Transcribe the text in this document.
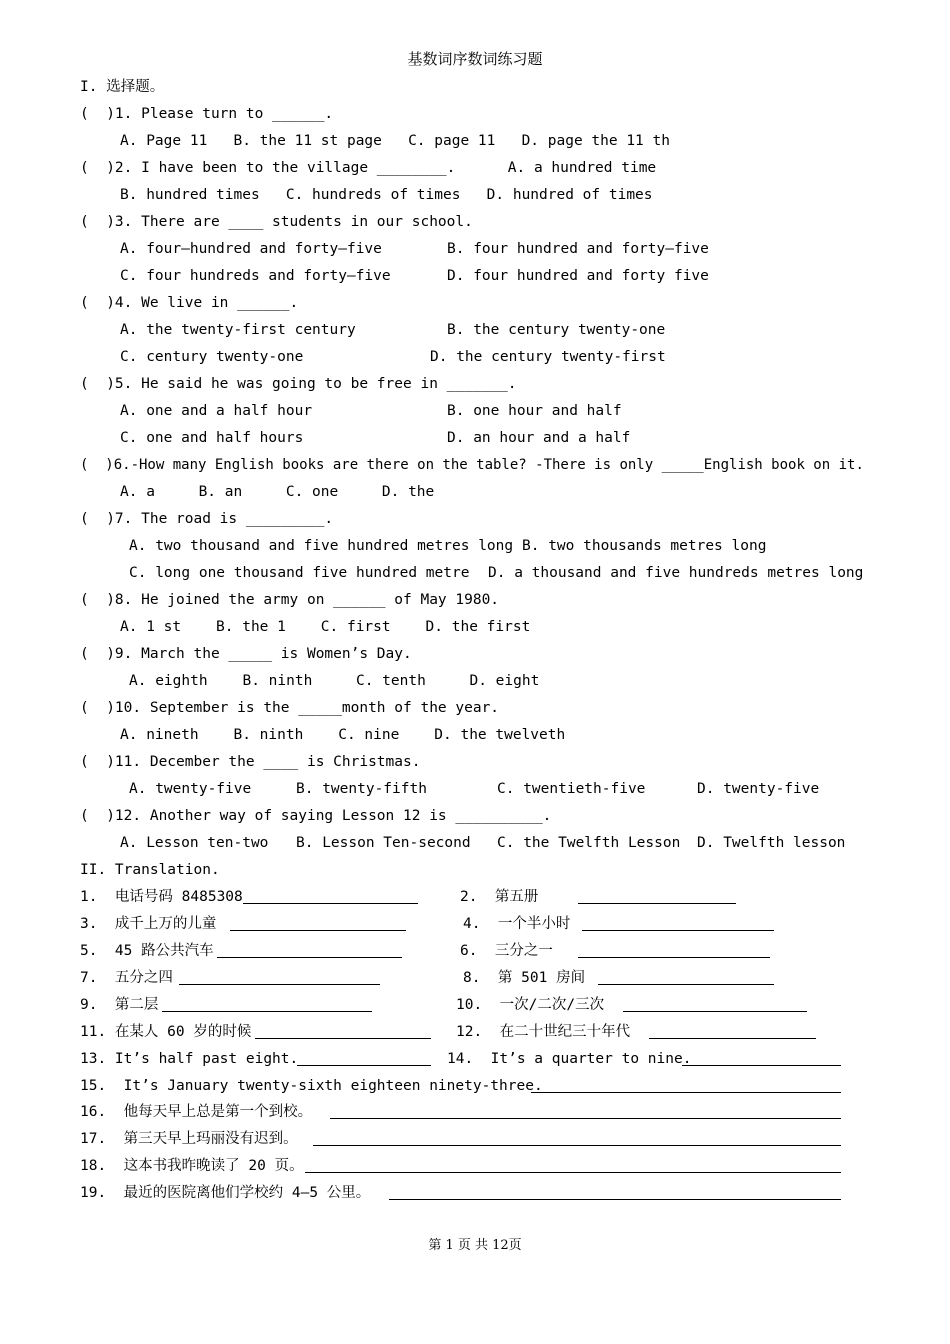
基数词序数词练习题
I. 选择题。
(  )1. Please turn to ______.
A. Page 11   B. the 11 st page   C. page 11   D. page the 11 th
(  )2. I have been to the village ________.      A. a hundred time
B. hundred times   C. hundreds of times   D. hundred of times
(  )3. There are ____ students in our school.
A. four—hundred and forty—five	B. four hundred and forty—five
C. four hundreds and forty—five	D. four hundred and forty five
(  )4. We live in ______.
A. the twenty-first century	B. the century twenty-one
C. century twenty-one	D. the century twenty-first
(  )5. He said he was going to be free in _______.
A. one and a half hour	B. one hour and half
C. one and half hours	D. an hour and a half
(  )6.-How many English books are there on the table? -There is only _____English book on it.
A. a     B. an     C. one     D. the
(  )7. The road is _________.
A. two thousand and five hundred metres long B. two thousands metres long
C. long one thousand five hundred metre D. a thousand and five hundreds metres long
(  )8. He joined the army on ______ of May 1980.
A. 1 st    B. the 1    C. first    D. the first
(  )9. March the _____ is Women’s Day.
A. eighth    B. ninth     C. tenth     D. eight
(  )10. September is the _____month of the year.
A. nineth    B. ninth    C. nine    D. the twelveth
(  )11. December the ____ is Christmas.
A. twenty-five	B. twenty-fifth	C. twentieth-five	D. twenty-five
(  )12. Another way of saying Lesson 12 is __________.
A. Lesson ten-two B. Lesson Ten-second C. the Twelfth Lesson D. Twelfth lesson
II. Translation.
1.  电话号码 8485308	2.  第五册
3.  成千上万的儿童	4.  一个半小时
5.  45 路公共汽车	6.  三分之一
7.  五分之四	8.  第 501 房间
9.  第二层	10.  一次/二次/三次
11. 在某人 60 岁的时候	12.  在二十世纪三十年代
13. It’s half past eight.	14.  It’s a quarter to nine.
15.  It’s January twenty-sixth eighteen ninety-three.
16.  他每天早上总是第一个到校。
17.  第三天早上玛丽没有迟到。
18.  这本书我昨晚读了 20 页。
19.  最近的医院离他们学校约 4—5 公里。
第 1 页 共 12页
